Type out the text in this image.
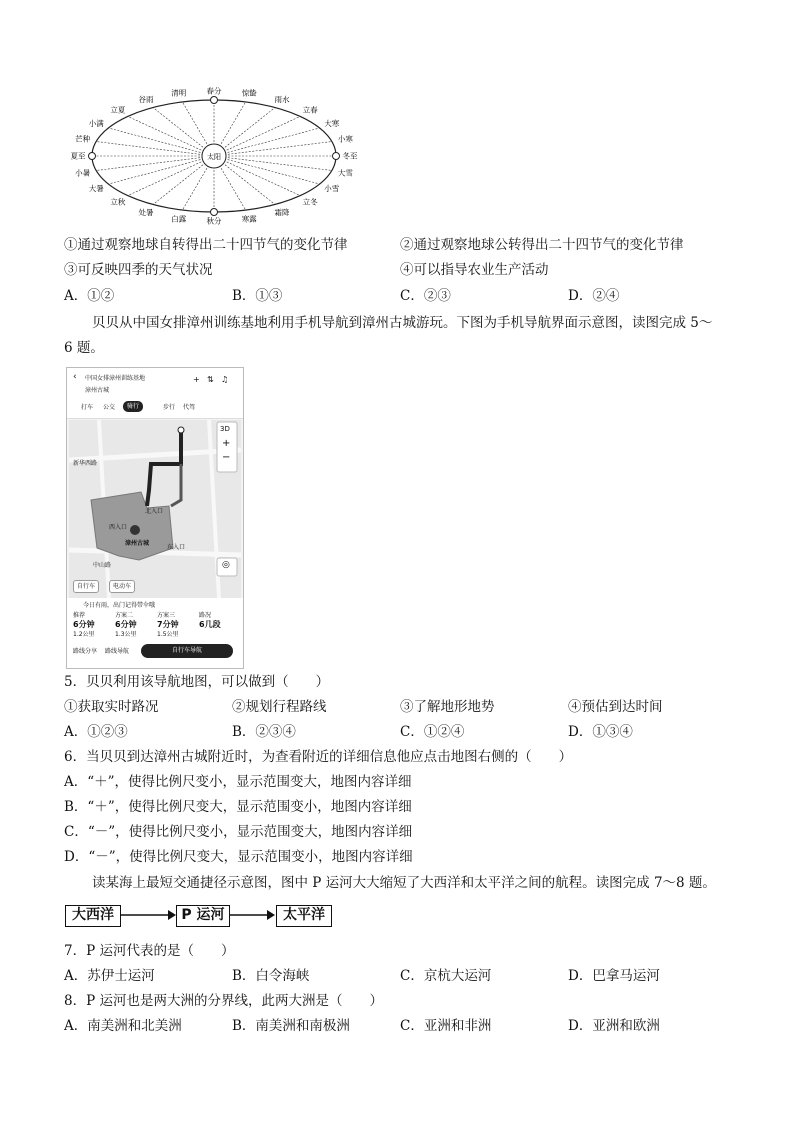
太阳
春分	惊蛰
雨水
立春
大寒
小寒
冬至
大雪
小雪
立冬
霜降
寒露
秋分
白露
处暑
立秋
大暑
小暑
夏至
芒种
小满
立夏
谷雨
清明
①通过观察地球自转得出二十四节气的变化节律	②通过观察地球公转得出二十四节气的变化节律
③可反映四季的天气状况	④可以指导农业生产活动
A．①②	B．①③	C．②③	D．②④
贝贝从中国女排漳州训练基地利用手机导航到漳州古城游玩。下图为手机导航界面示意图，读图完成 5～
6 题。
‹ 中国女排漳州训练基地
漳州古城
+ ⇅ ♫
打车 公交	骑行	步行 代驾
漳州古城
西入口
北入口
东入口
中山路
新华西路
3D
+
−
◎
自行车	电动车
今日有雨，出门记得带伞哦
推荐
6分钟
1.2公里
方案二
6分钟
1.3公里
方案三
7分钟
1.5公里
路况
6几段
路线分享 路线导航	自行车导航
5．贝贝利用该导航地图，可以做到（　　）
①获取实时路况	②规划行程路线	③了解地形地势	④预估到达时间
A．①②③	B．②③④	C．①②④	D．①③④
6．当贝贝到达漳州古城附近时，为查看附近的详细信息他应点击地图右侧的（　　）
A．“＋”，使得比例尺变小，显示范围变大，地图内容详细
B．“＋”，使得比例尺变大，显示范围变小，地图内容详细
C．“－”，使得比例尺变小，显示范围变大，地图内容详细
D．“－”，使得比例尺变大，显示范围变小，地图内容详细
读某海上最短交通捷径示意图，图中 P 运河大大缩短了大西洋和太平洋之间的航程。读图完成 7～8 题。
大西洋	P 运河	太平洋
7．P 运河代表的是（　　）
A．苏伊士运河	B．白令海峡	C．京杭大运河	D．巴拿马运河
8．P 运河也是两大洲的分界线，此两大洲是（　　）
A．南美洲和北美洲	B．南美洲和南极洲	C．亚洲和非洲	D．亚洲和欧洲
